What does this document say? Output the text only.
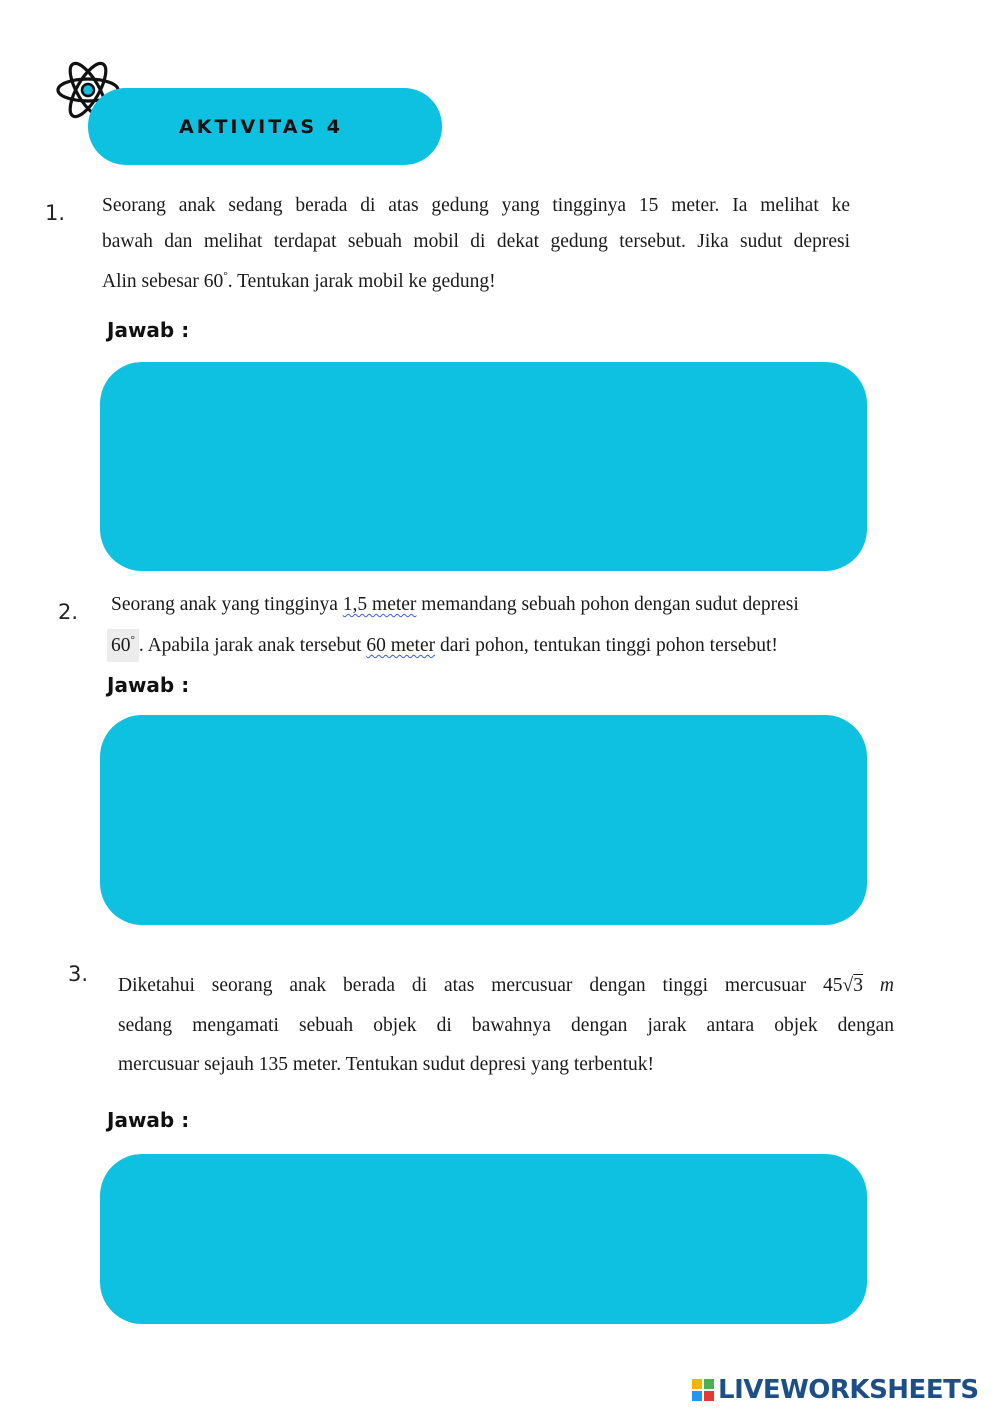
AKTIVITAS 4
1. Seorang anak sedang berada di atas gedung yang tingginya 15 meter. Ia melihat ke
bawah dan melihat terdapat sebuah mobil di dekat gedung tersebut. Jika sudut depresi
Alin sebesar 60°. Tentukan jarak mobil ke gedung!
Jawab :
2. Seorang anak yang tingginya 1,5 meter memandang sebuah pohon dengan sudut depresi
60° . Apabila jarak anak tersebut 60 meter dari pohon, tentukan tinggi pohon tersebut!
Jawab :
3. Diketahui seorang anak berada di atas mercusuar dengan tinggi mercusuar 45√3 m
sedang mengamati sebuah objek di bawahnya dengan jarak antara objek dengan
mercusuar sejauh 135 meter. Tentukan sudut depresi yang terbentuk!
Jawab :
LIVEWORKSHEETS
